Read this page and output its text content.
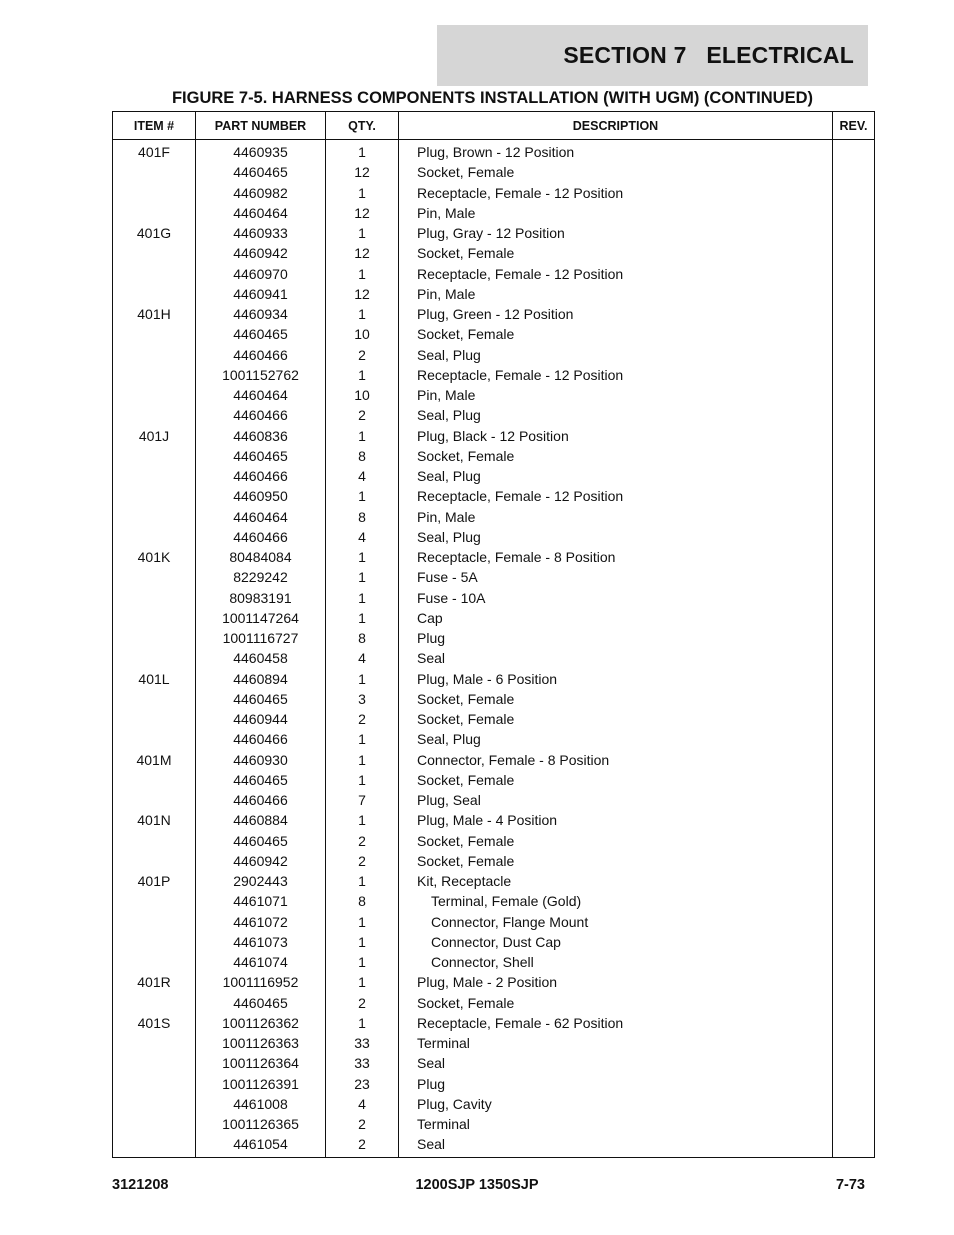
SECTION 7   ELECTRICAL
FIGURE 7-5. HARNESS COMPONENTS INSTALLATION (WITH UGM) (CONTINUED)
ITEM #	PART NUMBER	QTY.	DESCRIPTION	REV.
401F	4460935	1	Plug, Brown - 12 Position	
	4460465	12	Socket, Female	
	4460982	1	Receptacle, Female - 12 Position	
	4460464	12	Pin, Male	
401G	4460933	1	Plug, Gray - 12 Position	
	4460942	12	Socket, Female	
	4460970	1	Receptacle, Female - 12 Position	
	4460941	12	Pin, Male	
401H	4460934	1	Plug, Green - 12 Position	
	4460465	10	Socket, Female	
	4460466	2	Seal, Plug	
	1001152762	1	Receptacle, Female - 12 Position	
	4460464	10	Pin, Male	
	4460466	2	Seal, Plug	
401J	4460836	1	Plug, Black - 12 Position	
	4460465	8	Socket, Female	
	4460466	4	Seal, Plug	
	4460950	1	Receptacle, Female - 12 Position	
	4460464	8	Pin, Male	
	4460466	4	Seal, Plug	
401K	80484084	1	Receptacle, Female - 8 Position	
	8229242	1	Fuse - 5A	
	80983191	1	Fuse - 10A	
	1001147264	1	Cap	
	1001116727	8	Plug	
	4460458	4	Seal	
401L	4460894	1	Plug, Male - 6 Position	
	4460465	3	Socket, Female	
	4460944	2	Socket, Female	
	4460466	1	Seal, Plug	
401M	4460930	1	Connector, Female - 8 Position	
	4460465	1	Socket, Female	
	4460466	7	Plug, Seal	
401N	4460884	1	Plug, Male - 4 Position	
	4460465	2	Socket, Female	
	4460942	2	Socket, Female	
401P	2902443	1	Kit, Receptacle	
	4461071	8	Terminal, Female (Gold)	
	4461072	1	Connector, Flange Mount	
	4461073	1	Connector, Dust Cap	
	4461074	1	Connector, Shell	
401R	1001116952	1	Plug, Male - 2 Position	
	4460465	2	Socket, Female	
401S	1001126362	1	Receptacle, Female - 62 Position	
	1001126363	33	Terminal	
	1001126364	33	Seal	
	1001126391	23	Plug	
	4461008	4	Plug, Cavity	
	1001126365	2	Terminal	
	4461054	2	Seal	
3121208	1200SJP 1350SJP	7-73
